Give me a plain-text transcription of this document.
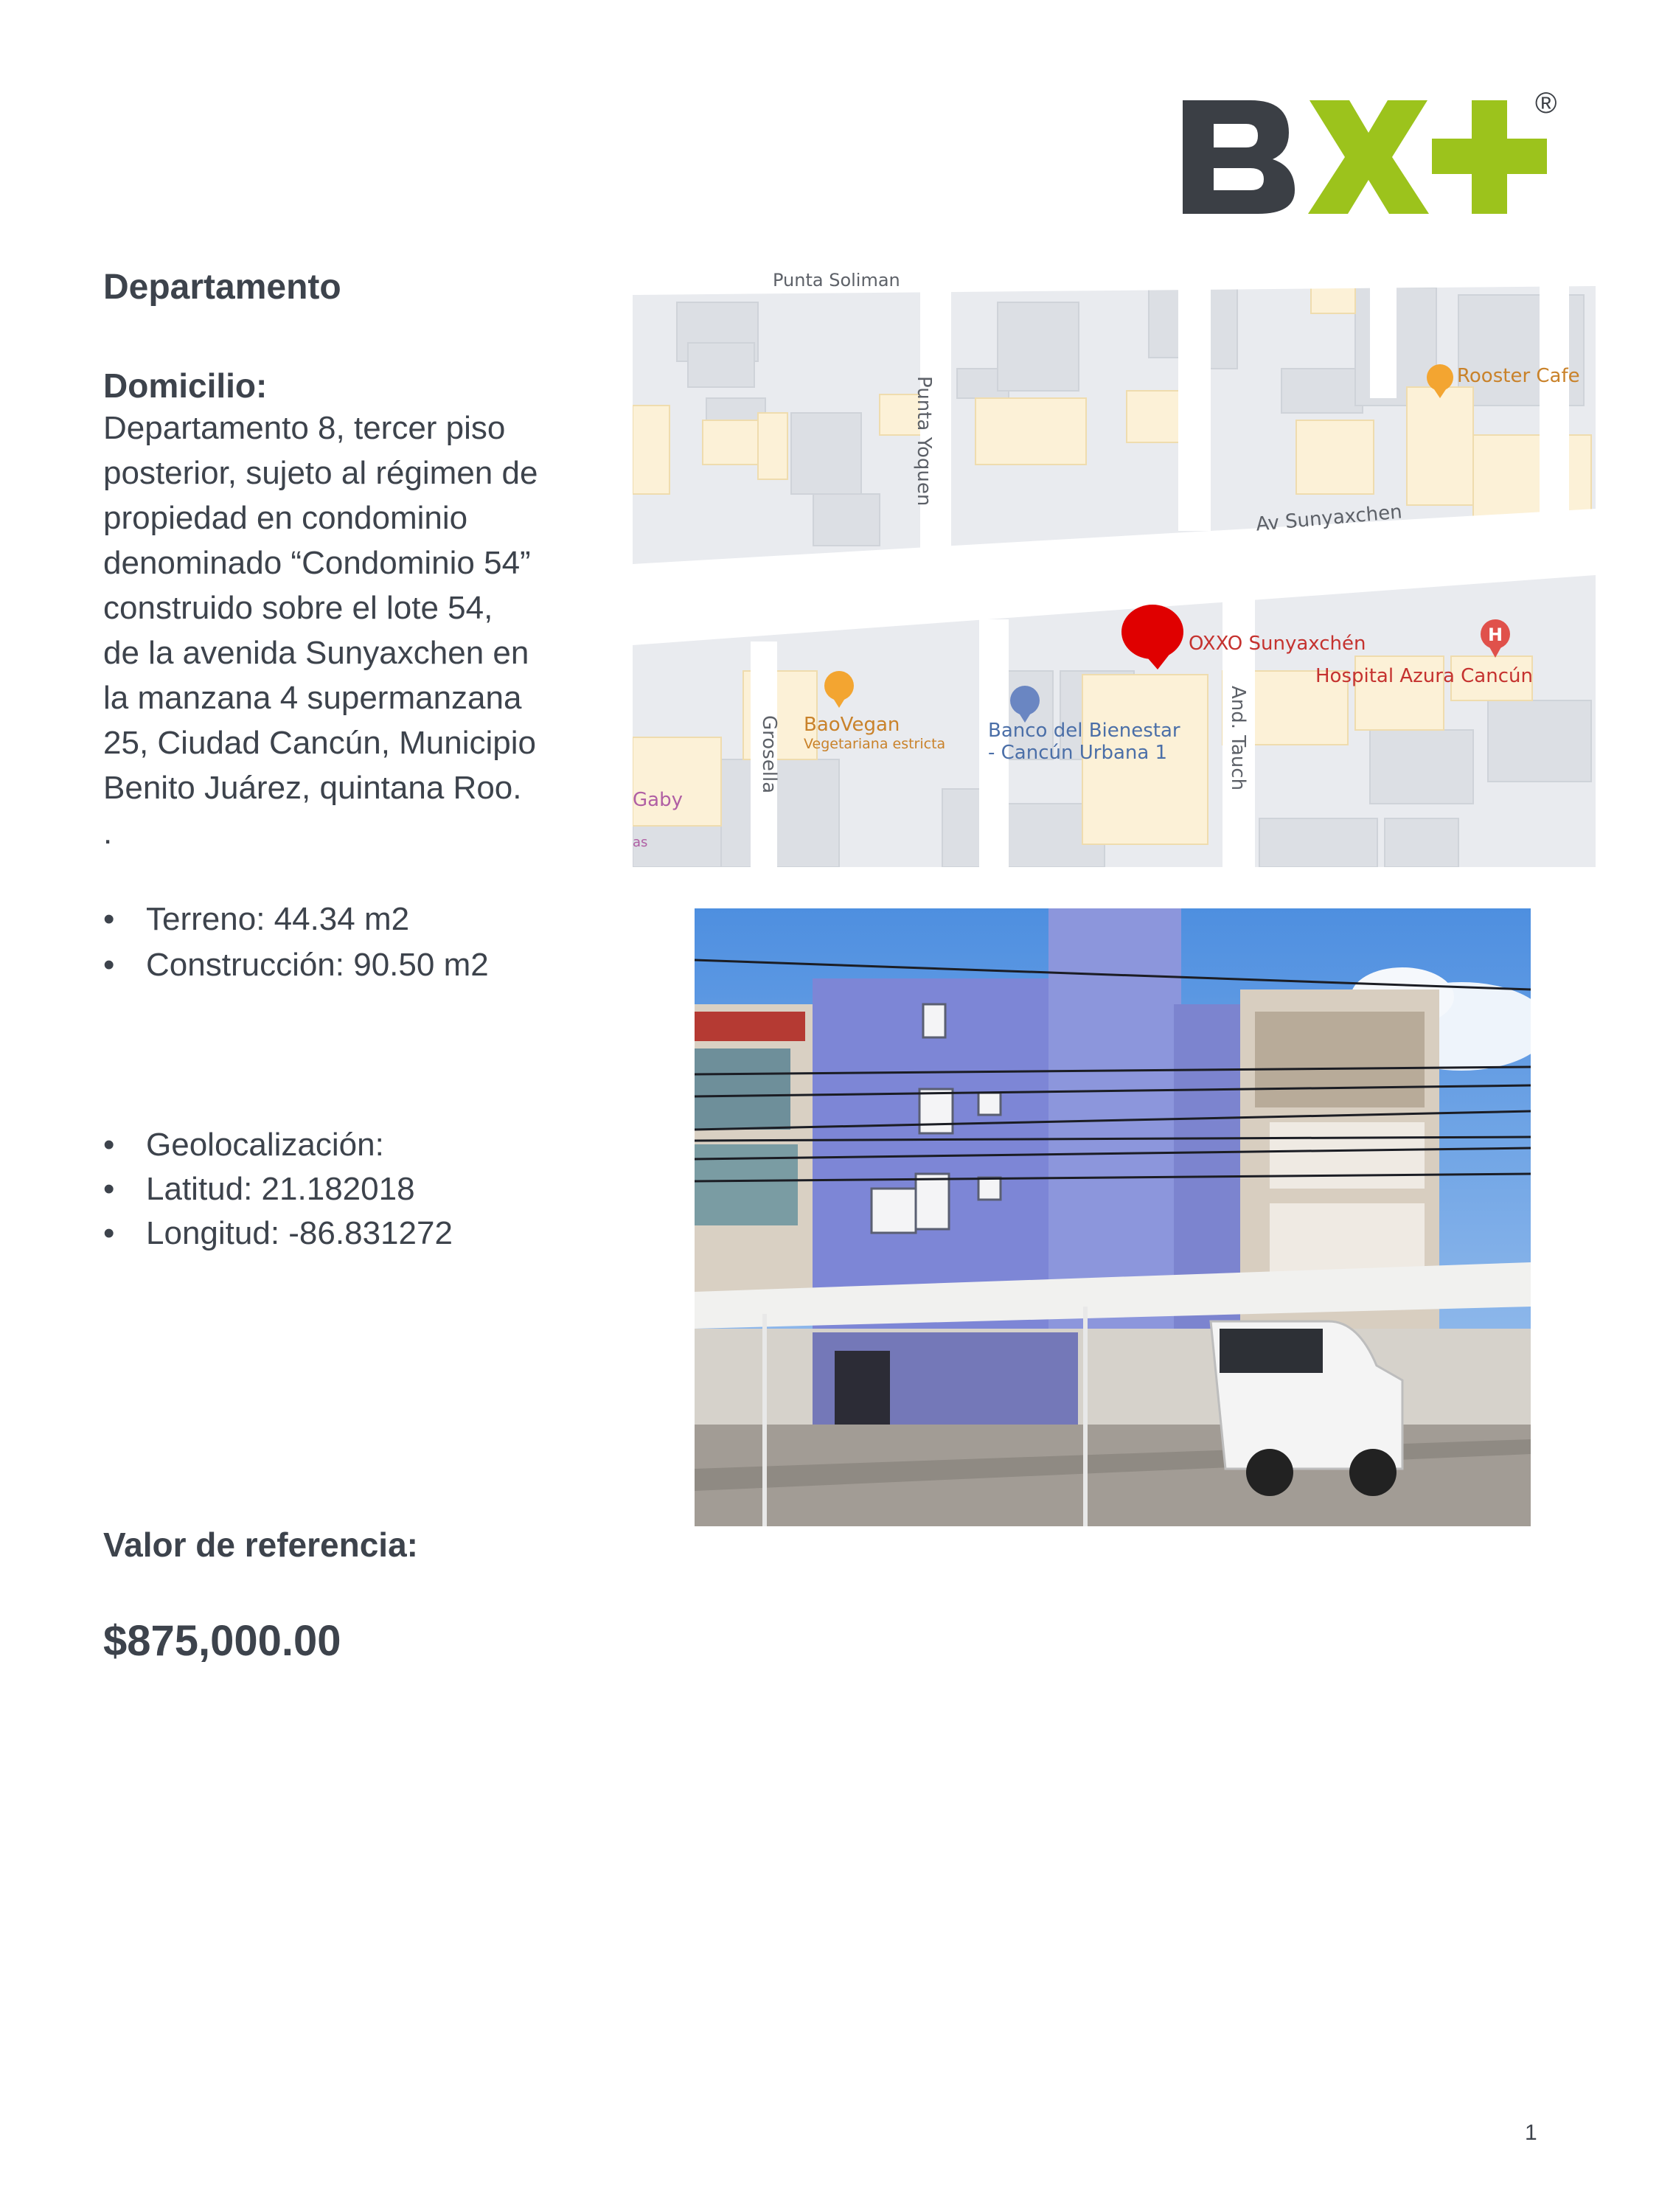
®
Departamento
Domicilio:
Departamento 8, tercer piso
posterior, sujeto al régimen de
propiedad en condominio
denominado “Condominio 54”
construido sobre el lote 54,
de la avenida Sunyaxchen en
la manzana 4 supermanzana
25, Ciudad Cancún, Municipio
Benito Juárez, quintana Roo.
.
• Terreno: 44.34 m2
• Construcción: 90.50 m2
• Geolocalización:
• Latitud: 21.182018
• Longitud: -86.831272
Valor de referencia:
$875,000.00
H
Punta Soliman
Punta Yoquen
Av Sunyaxchen
Grosella	And. Tauch
Rooster Cafe
OXXO Sunyaxchén
Hospital Azura Cancún
BaoVegan
Vegetariana estricta
Banco del Bienestar
- Cancún Urbana 1
Gaby
as
1
